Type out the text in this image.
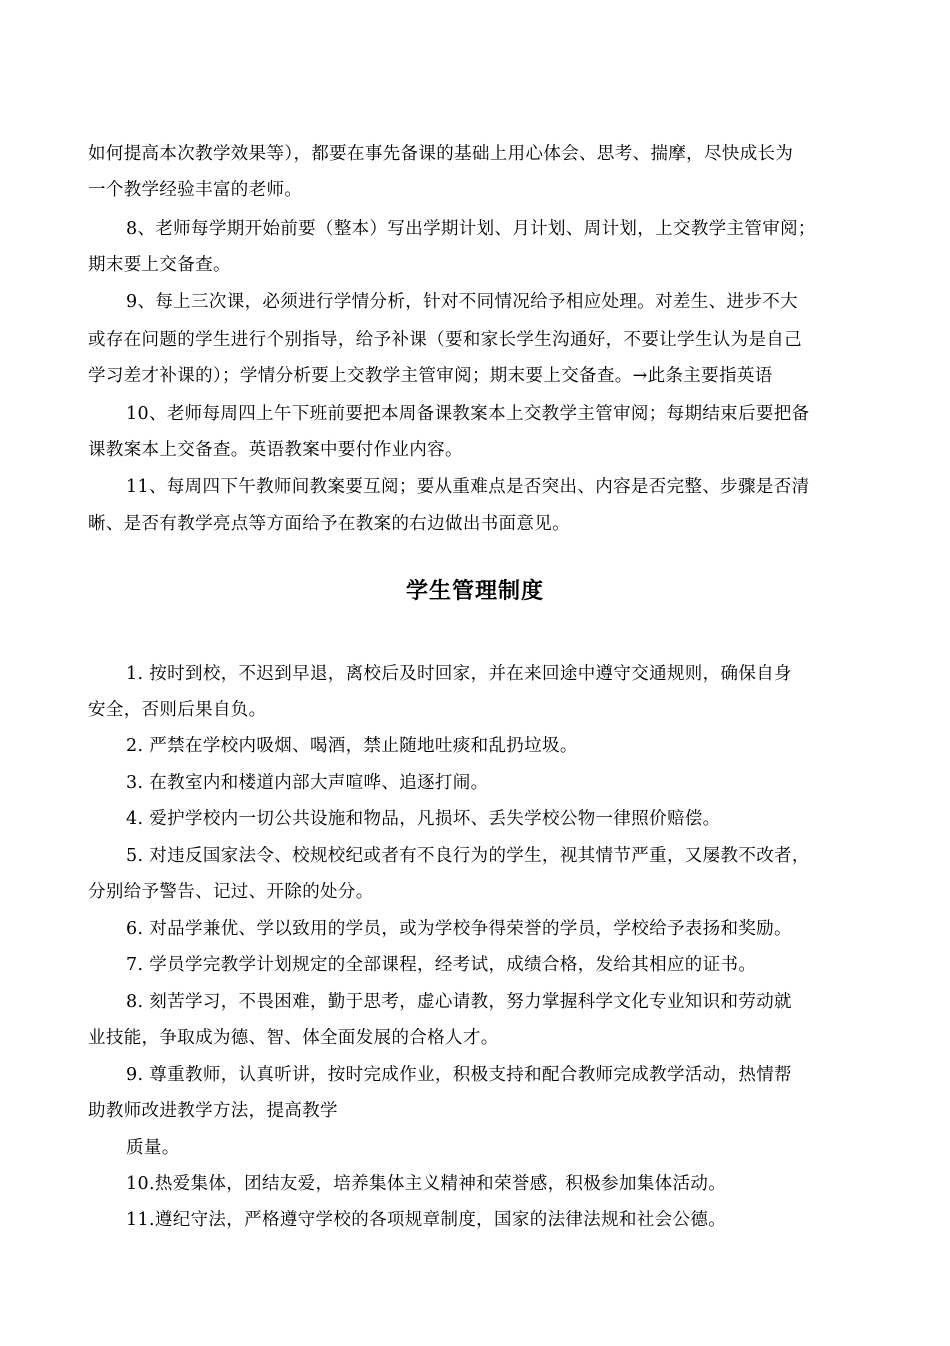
如何提高本次教学效果等），都要在事先备课的基础上用心体会、思考、揣摩，尽快成长为

一个教学经验丰富的老师。

8、老师每学期开始前要（整本）写出学期计划、月计划、周计划，上交教学主管审阅；

期末要上交备查。

9、每上三次课，必须进行学情分析，针对不同情况给予相应处理。对差生、进步不大

或存在问题的学生进行个别指导，给予补课（要和家长学生沟通好，不要让学生认为是自己

学习差才补课的）；学情分析要上交教学主管审阅；期末要上交备查。→此条主要指英语

10、老师每周四上午下班前要把本周备课教案本上交教学主管审阅；每期结束后要把备

课教案本上交备查。英语教案中要付作业内容。

11、每周四下午教师间教案要互阅；要从重难点是否突出、内容是否完整、步骤是否清

晰、是否有教学亮点等方面给予在教案的右边做出书面意见。

学生管理制度

1. 按时到校，不迟到早退，离校后及时回家，并在来回途中遵守交通规则，确保自身

安全，否则后果自负。

2. 严禁在学校内吸烟、喝酒，禁止随地吐痰和乱扔垃圾。

3. 在教室内和楼道内部大声喧哗、追逐打闹。

4. 爱护学校内一切公共设施和物品，凡损坏、丢失学校公物一律照价赔偿。

5. 对违反国家法令、校规校纪或者有不良行为的学生，视其情节严重，又屡教不改者，

分别给予警告、记过、开除的处分。

6. 对品学兼优、学以致用的学员，或为学校争得荣誉的学员，学校给予表扬和奖励。

7. 学员学完教学计划规定的全部课程，经考试，成绩合格，发给其相应的证书。

8. 刻苦学习，不畏困难，勤于思考，虚心请教，努力掌握科学文化专业知识和劳动就

业技能，争取成为德、智、体全面发展的合格人才。

9. 尊重教师，认真听讲，按时完成作业，积极支持和配合教师完成教学活动，热情帮

助教师改进教学方法，提高教学

质量。

10.热爱集体，团结友爱，培养集体主义精神和荣誉感，积极参加集体活动。

11.遵纪守法，严格遵守学校的各项规章制度，国家的法律法规和社会公德。
